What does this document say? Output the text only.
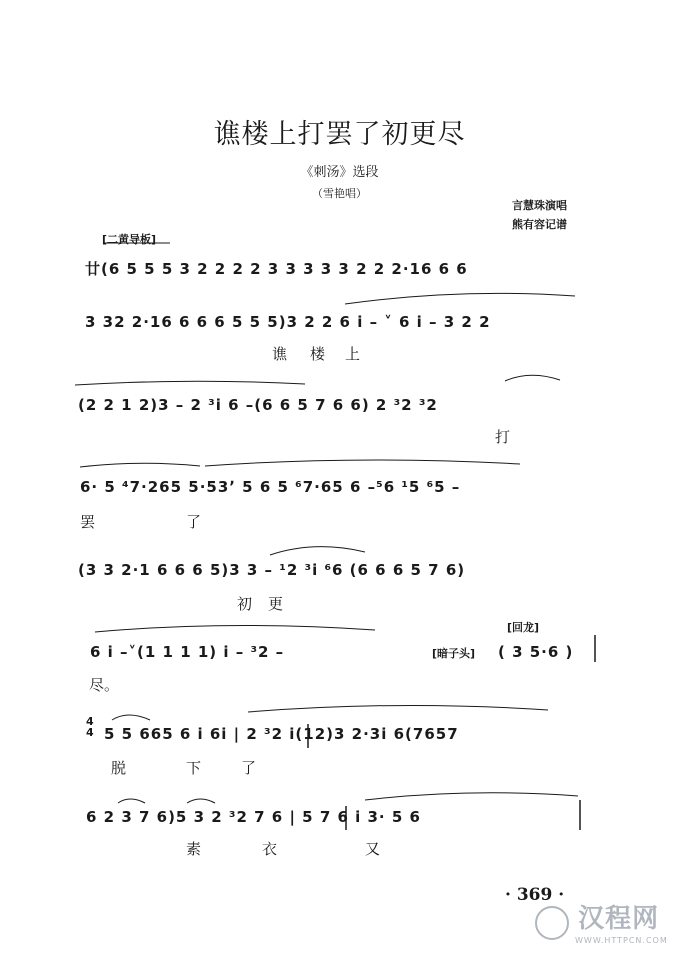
谯楼上打罢了初更尽
《刺汤》选段
（雪艳唱）
言慧珠演唱
熊有容记谱
[二黄导板]
廿(6 5 5 5 3 2 2 2 2 3 3 3 3 3 2 2 2·16 6 6
3 32 2·16 6 6 6 5 5 5)3 2 2 6 i – ˅ 6 i – 3 2 2
谯 楼 上
(2 2 1 2)3 – 2 ³i 6 –(6 6 5 7 6 6) 2 ³2 ³2
打
6· 5 ⁴7·265 5·53ʼ 5 6 5 ⁶7·65 6 –⁵6 ¹5 ⁶5 –
罢	了
(3 3 2·1 6 6 6 5)3 3 – ¹2 ³i ⁶6 (6 6 6 5 7 6)
初 更
6 i –˅(1 1 1 1) i – ³2 –	[暗子头]
[回龙]
( 3 5·6 )
尽。
4
4 5 5 665 6 i 6i | 2 ³2 i(12)3 2·3i 6(7657
脱	下	了
6 2 3 7 6)5 3 2 ³2 7 6 | 5 7 6 i 3· 5 6
素	衣	又
· 369 ·
汉程网
WWW.HTTPCN.COM
